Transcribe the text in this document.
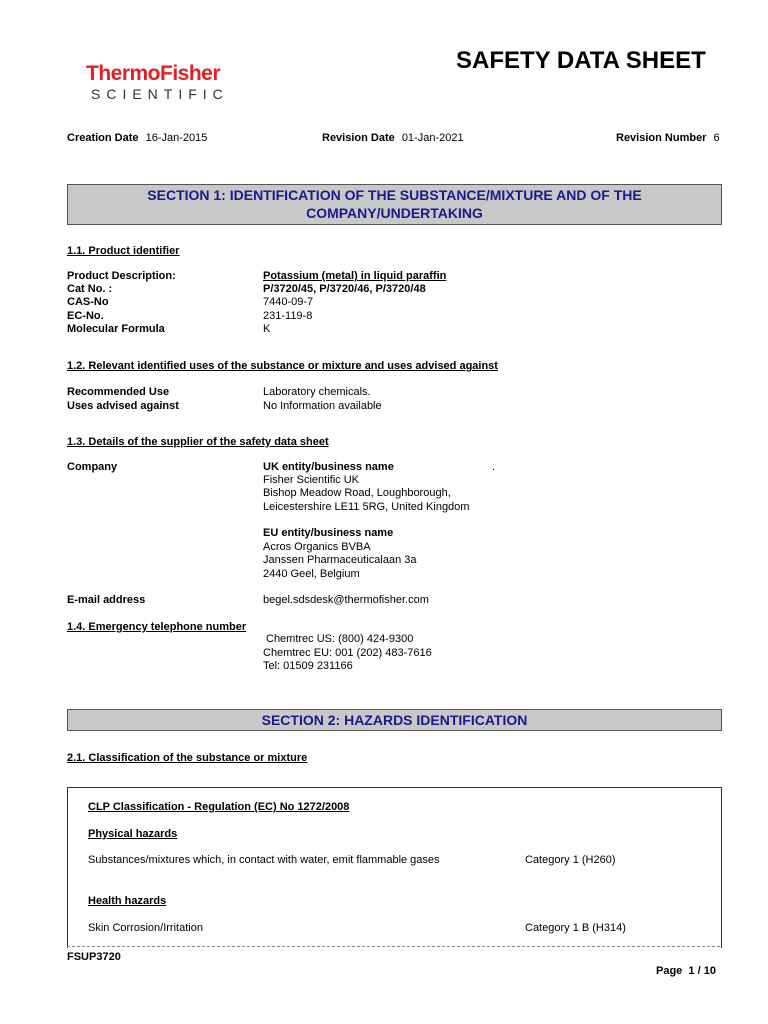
ThermoFisher
SCIENTIFIC
SAFETY DATA SHEET
Creation Date 16-Jan-2015	Revision Date 01-Jan-2021	Revision Number 6
SECTION 1: IDENTIFICATION OF THE SUBSTANCE/MIXTURE AND OF THE
COMPANY/UNDERTAKING
1.1. Product identifier
Product Description:	Potassium (metal) in liquid paraffin
Cat No. :	P/3720/45, P/3720/46, P/3720/48
CAS-No	7440-09-7
EC-No.	231-119-8
Molecular Formula	K
1.2. Relevant identified uses of the substance or mixture and uses advised against
Recommended Use	Laboratory chemicals.
Uses advised against	No Information available
1.3. Details of the supplier of the safety data sheet
Company	UK entity/business name	.
Fisher Scientific UK
Bishop Meadow Road, Loughborough,
Leicestershire LE11 5RG, United Kingdom
EU entity/business name
Acros Organics BVBA
Janssen Pharmaceuticalaan 3a
2440 Geel, Belgium
E-mail address	begel.sdsdesk@thermofisher.com
1.4. Emergency telephone number
Chemtrec US: (800) 424-9300
Chemtrec EU: 001 (202) 483-7616
Tel: 01509 231166
SECTION 2: HAZARDS IDENTIFICATION
2.1. Classification of the substance or mixture
CLP Classification - Regulation (EC) No 1272/2008
Physical hazards
Substances/mixtures which, in contact with water, emit flammable gases	Category 1 (H260)
Health hazards
Skin Corrosion/Irritation	Category 1 B (H314)
FSUP3720
Page 1 / 10
